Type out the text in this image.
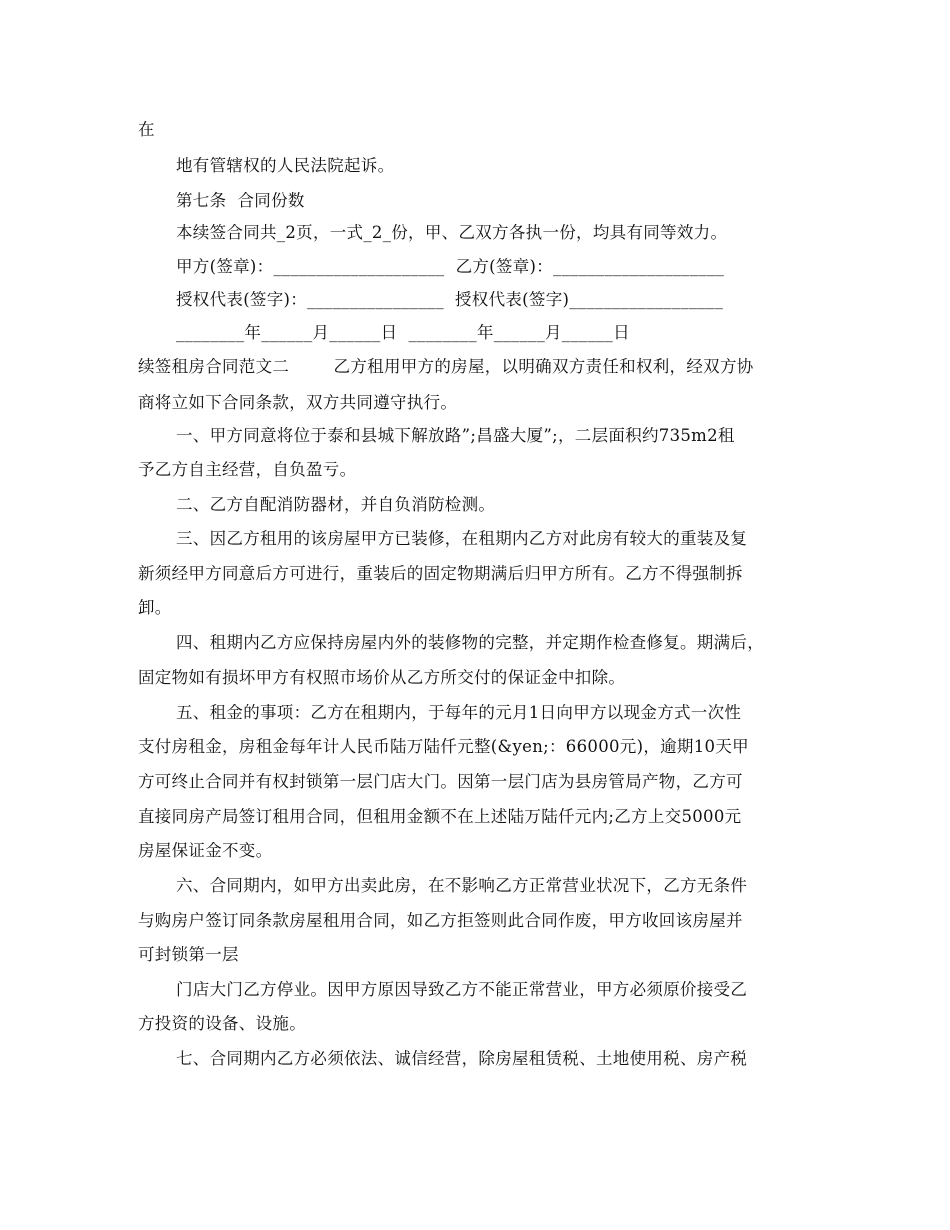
在
地有管辖权的人民法院起诉。
第七条  合同份数
本续签合同共_2页，一式_2_份，甲、乙双方各执一份，均具有同等效力。
甲方(签章)：____________________  乙方(签章)：____________________
授权代表(签字)：________________  授权代表(签字)__________________
________年______月______日  ________年______月______日
续签租房合同范文二        乙方租用甲方的房屋，以明确双方责任和权利，经双方协
商将立如下合同条款，双方共同遵守执行。
一、甲方同意将位于泰和县城下解放路”;昌盛大厦”;，二层面积约735m2租
予乙方自主经营，自负盈亏。
二、乙方自配消防器材，并自负消防检测。
三、因乙方租用的该房屋甲方已装修，在租期内乙方对此房有较大的重装及复
新须经甲方同意后方可进行，重装后的固定物期满后归甲方所有。乙方不得强制拆
卸。
四、租期内乙方应保持房屋内外的装修物的完整，并定期作检查修复。期满后，
固定物如有损坏甲方有权照市场价从乙方所交付的保证金中扣除。
五、租金的事项：乙方在租期内，于每年的元月1日向甲方以现金方式一次性
支付房租金，房租金每年计人民币陆万陆仟元整(&yen;：66000元)，逾期10天甲
方可终止合同并有权封锁第一层门店大门。因第一层门店为县房管局产物，乙方可
直接同房产局签订租用合同，但租用金额不在上述陆万陆仟元内;乙方上交5000元
房屋保证金不变。
六、合同期内，如甲方出卖此房，在不影响乙方正常营业状况下，乙方无条件
与购房户签订同条款房屋租用合同，如乙方拒签则此合同作废，甲方收回该房屋并
可封锁第一层
门店大门乙方停业。因甲方原因导致乙方不能正常营业，甲方必须原价接受乙
方投资的设备、设施。
七、合同期内乙方必须依法、诚信经营，除房屋租赁税、土地使用税、房产税
